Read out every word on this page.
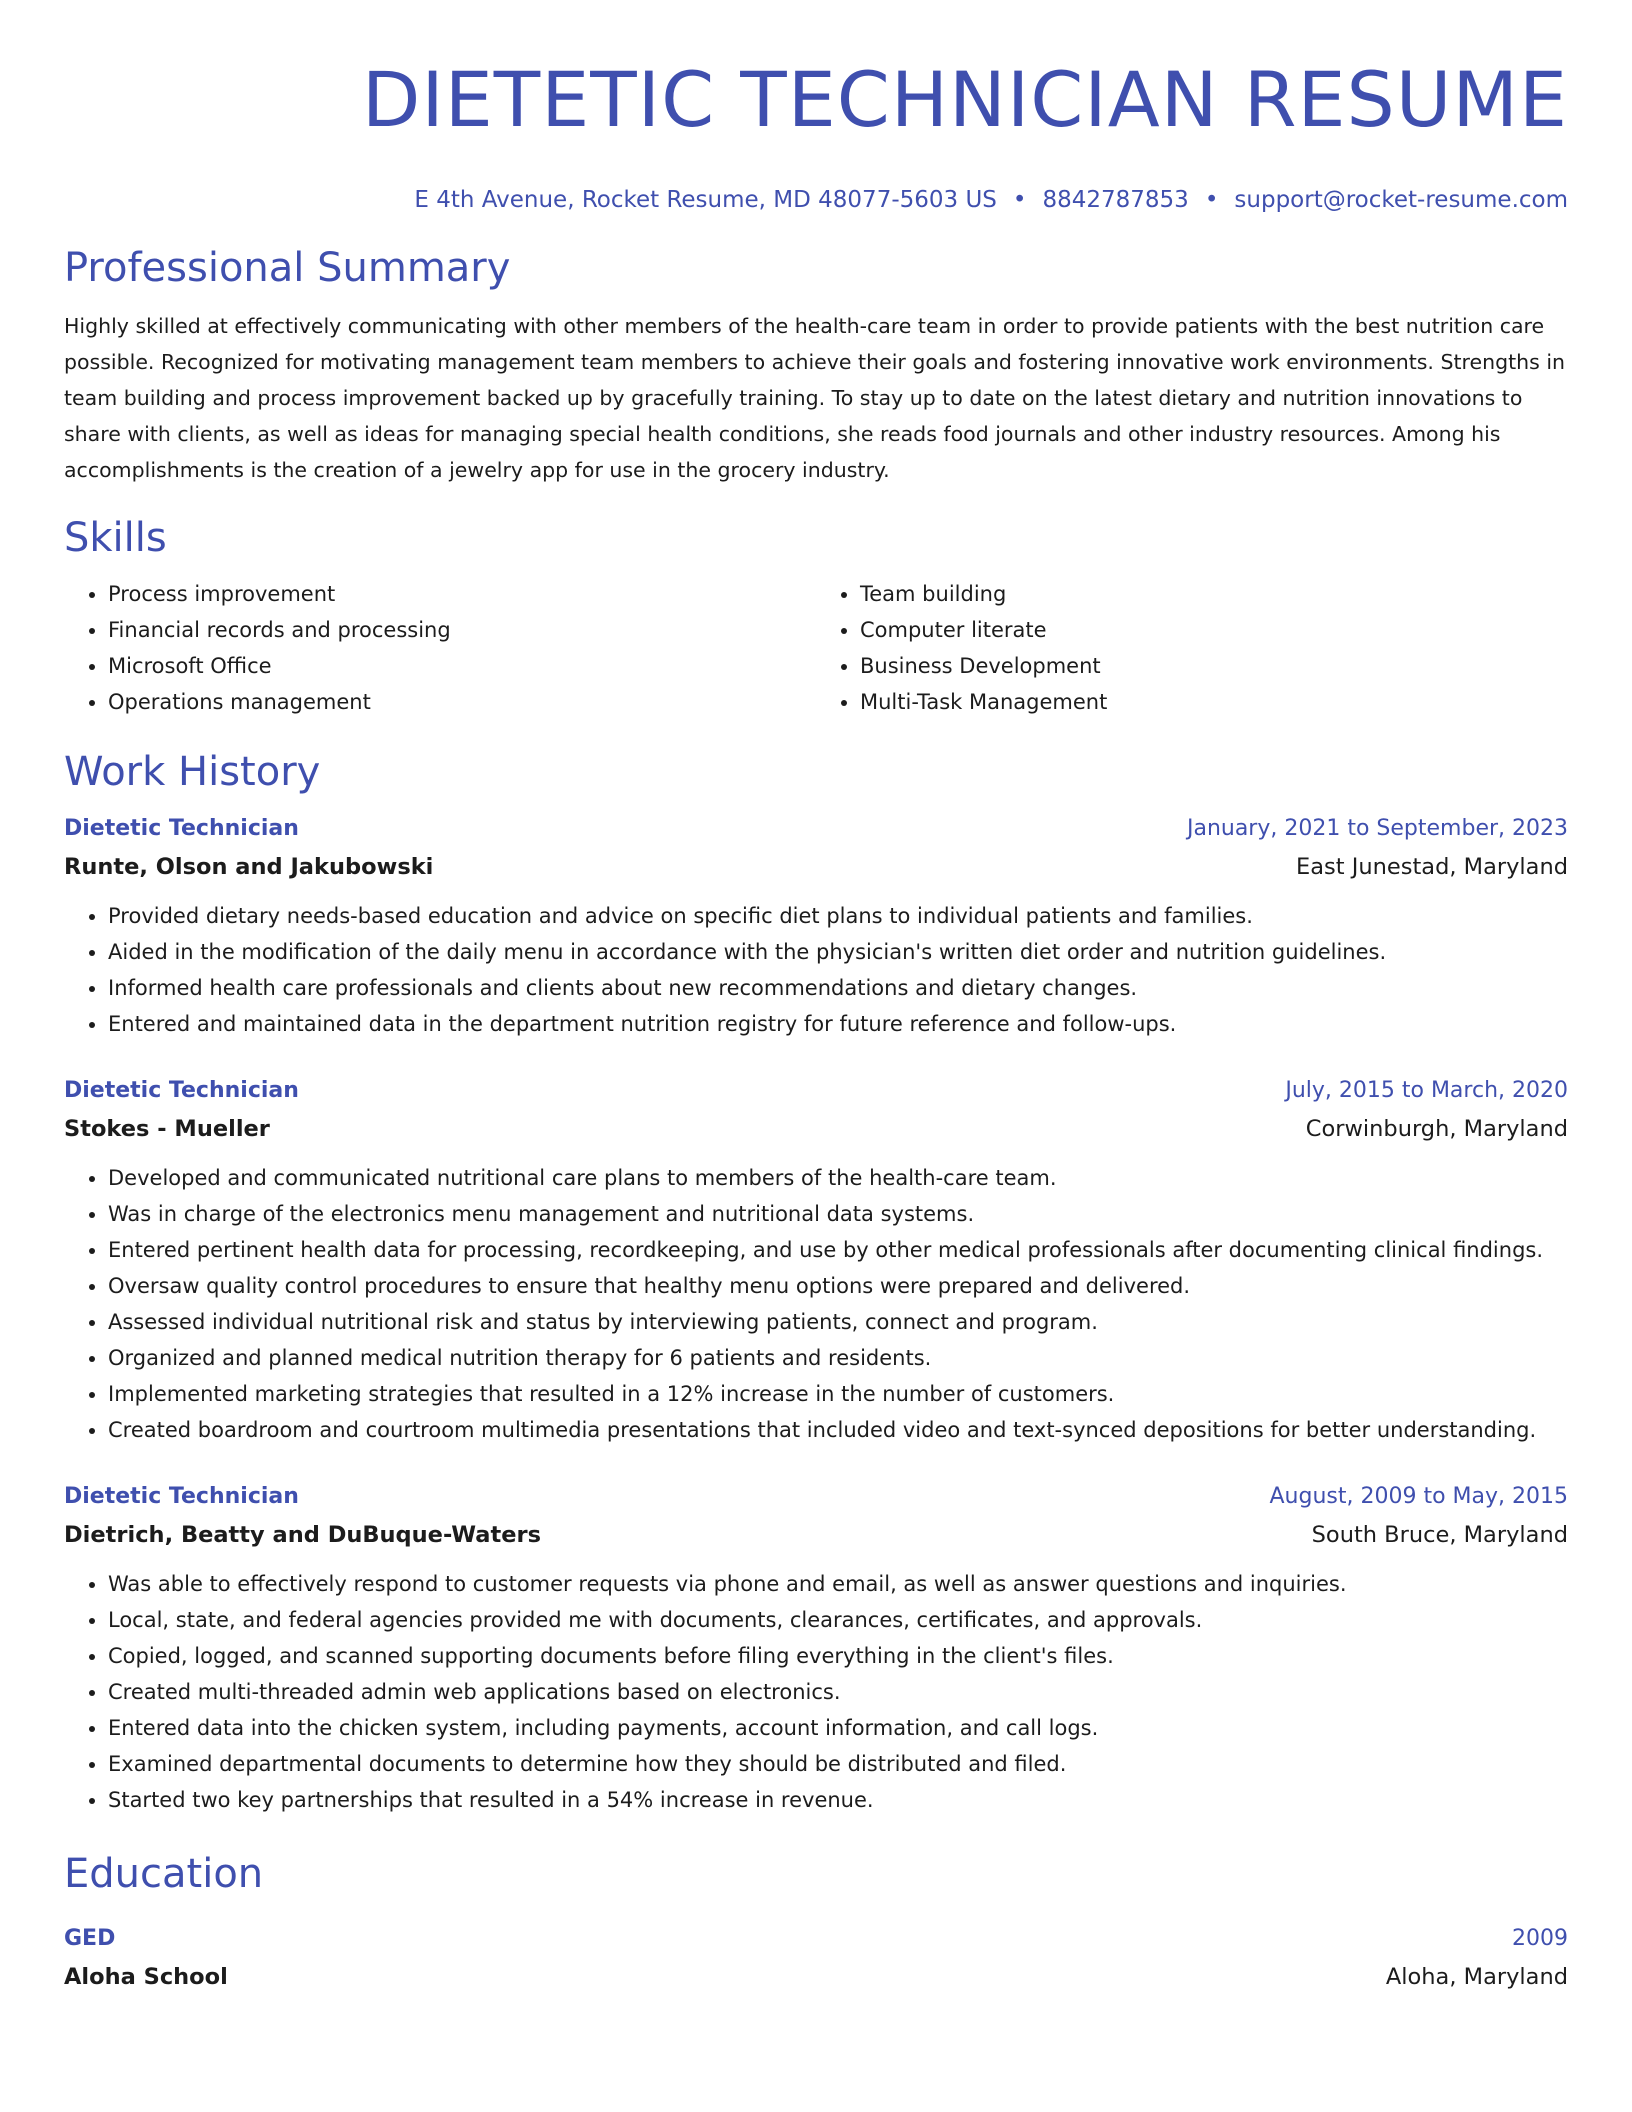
DIETETIC TECHNICIAN RESUME
E 4th Avenue, Rocket Resume, MD 48077-5603 US • 8842787853 • support@rocket-resume.com
Professional Summary

Highly skilled at effectively communicating with other members of the health-care team in order to provide patients with the best nutrition care possible. Recognized for motivating management team members to achieve their goals and fostering innovative work environments. Strengths in team building and process improvement backed up by gracefully training. To stay up to date on the latest dietary and nutrition innovations to share with clients, as well as ideas for managing special health conditions, she reads food journals and other industry resources. Among his accomplishments is the creation of a jewelry app for use in the grocery industry.

Skills
• Process improvement
• Financial records and processing
• Microsoft Office
• Operations management
• Team building
• Computer literate
• Business Development
• Multi-Task Management
Work History
Dietetic Technician	January, 2021 to September, 2023
Runte, Olson and Jakubowski	East Junestad, Maryland
• Provided dietary needs-based education and advice on specific diet plans to individual patients and families.
• Aided in the modification of the daily menu in accordance with the physician's written diet order and nutrition guidelines.
• Informed health care professionals and clients about new recommendations and dietary changes.
• Entered and maintained data in the department nutrition registry for future reference and follow-ups.
Dietetic Technician	July, 2015 to March, 2020
Stokes - Mueller	Corwinburgh, Maryland
• Developed and communicated nutritional care plans to members of the health-care team.
• Was in charge of the electronics menu management and nutritional data systems.
• Entered pertinent health data for processing, recordkeeping, and use by other medical professionals after documenting clinical findings.
• Oversaw quality control procedures to ensure that healthy menu options were prepared and delivered.
• Assessed individual nutritional risk and status by interviewing patients, connect and program.
• Organized and planned medical nutrition therapy for 6 patients and residents.
• Implemented marketing strategies that resulted in a 12% increase in the number of customers.
• Created boardroom and courtroom multimedia presentations that included video and text-synced depositions for better understanding.
Dietetic Technician	August, 2009 to May, 2015
Dietrich, Beatty and DuBuque-Waters	South Bruce, Maryland
• Was able to effectively respond to customer requests via phone and email, as well as answer questions and inquiries.
• Local, state, and federal agencies provided me with documents, clearances, certificates, and approvals.
• Copied, logged, and scanned supporting documents before filing everything in the client's files.
• Created multi-threaded admin web applications based on electronics.
• Entered data into the chicken system, including payments, account information, and call logs.
• Examined departmental documents to determine how they should be distributed and filed.
• Started two key partnerships that resulted in a 54% increase in revenue.
Education
GED	2009
Aloha School	Aloha, Maryland
